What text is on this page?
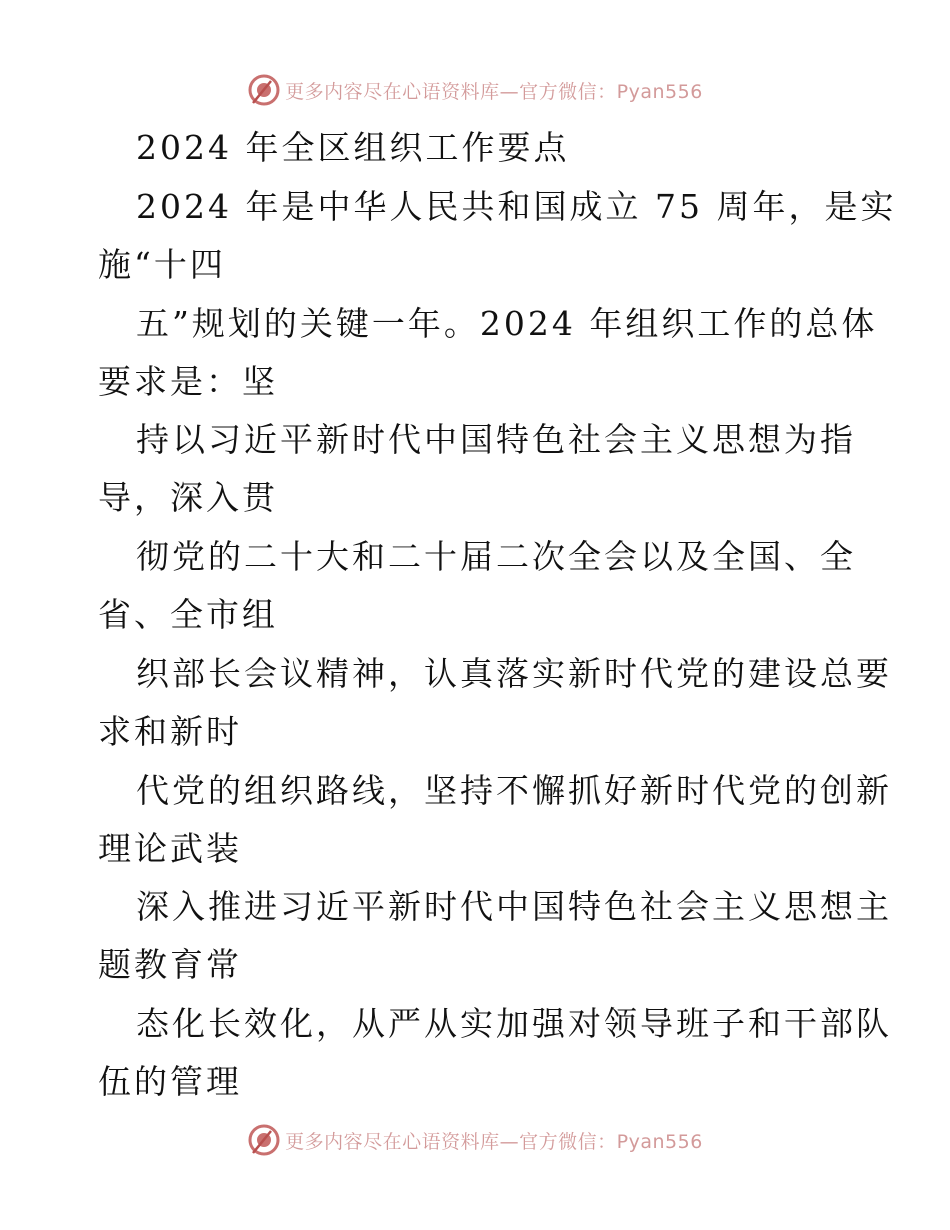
更多内容尽在心语资料库—官方微信：Pyan556
2024 年全区组织工作要点
2024 年是中华人民共和国成立 75 周年，是实
施“十四
五”规划的关键一年。2024 年组织工作的总体
要求是：坚
持以习近平新时代中国特色社会主义思想为指
导，深入贯
彻党的二十大和二十届二次全会以及全国、全
省、全市组
织部长会议精神，认真落实新时代党的建设总要
求和新时
代党的组织路线，坚持不懈抓好新时代党的创新
理论武装
深入推进习近平新时代中国特色社会主义思想主
题教育常
态化长效化，从严从实加强对领导班子和干部队
伍的管理
更多内容尽在心语资料库—官方微信：Pyan556
